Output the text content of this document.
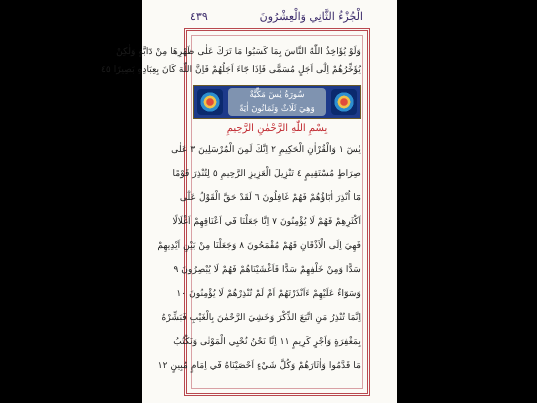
الْجُزْءُ الثَّانِي وَالْعِشْرُونَ
٤٣٩
وَلَوْ يُؤَاخِذُ اللّٰهُ النَّاسَ بِمَا كَسَبُوا مَا تَرَكَ عَلٰى ظَهْرِهَا مِنْ دَٓابَّةٍ وَلٰكِنْ
يُؤَخِّرُهُمْ اِلٰٓى اَجَلٍ مُسَمًّى فَاِذَا جَٓاءَ اَجَلُهُمْ فَاِنَّ اللّٰهَ كَانَ بِعِبَادِهِ بَصِيرًا ٤٥
سُورَةُ يٰسٓ مَكِّيَّةٌ
وَهِيَ ثَلَاثٌ وَثَمَانُونَ اٰيَةً
بِسْمِ اللّٰهِ الرَّحْمٰنِ الرَّحِيمِ
يٰسٓ ١ وَالْقُرْاٰنِ الْحَكِيمِ ٢ اِنَّكَ لَمِنَ الْمُرْسَلِينَ ٣ عَلٰى
صِرَاطٍ مُسْتَقِيمٍ ٤ تَنْزِيلَ الْعَزِيزِ الرَّحِيمِ ٥ لِتُنْذِرَ قَوْمًا
مَٓا اُنْذِرَ اٰبَٓاؤُهُمْ فَهُمْ غَافِلُونَ ٦ لَقَدْ حَقَّ الْقَوْلُ عَلٰٓى
اَكْثَرِهِمْ فَهُمْ لَا يُؤْمِنُونَ ٧ اِنَّا جَعَلْنَا فٓي اَعْنَاقِهِمْ اَغْلَالًا
فَهِيَ اِلَى الْاَذْقَانِ فَهُمْ مُقْمَحُونَ ٨ وَجَعَلْنَا مِنْ بَيْنِ اَيْدِيهِمْ
سَدًّا وَمِنْ خَلْفِهِمْ سَدًّا فَاَغْشَيْنَاهُمْ فَهُمْ لَا يُبْصِرُونَ ٩
وَسَوَٓاءٌ عَلَيْهِمْ ءَاَنْذَرْتَهُمْ اَمْ لَمْ تُنْذِرْهُمْ لَا يُؤْمِنُونَ ١٠
اِنَّمَا تُنْذِرُ مَنِ اتَّبَعَ الذِّكْرَ وَخَشِيَ الرَّحْمٰنَ بِالْغَيْبِ فَبَشِّرْهُ
بِمَغْفِرَةٍ وَاَجْرٍ كَرِيمٍ ١١ اِنَّا نَحْنُ نُحْيِي الْمَوْتٰى وَنَكْتُبُ
مَا قَدَّمُوا وَاٰثَارَهُمْ وَكُلَّ شَيْءٍ اَحْصَيْنَاهُ فٓي اِمَامٍ مُبِينٍ ١٢
